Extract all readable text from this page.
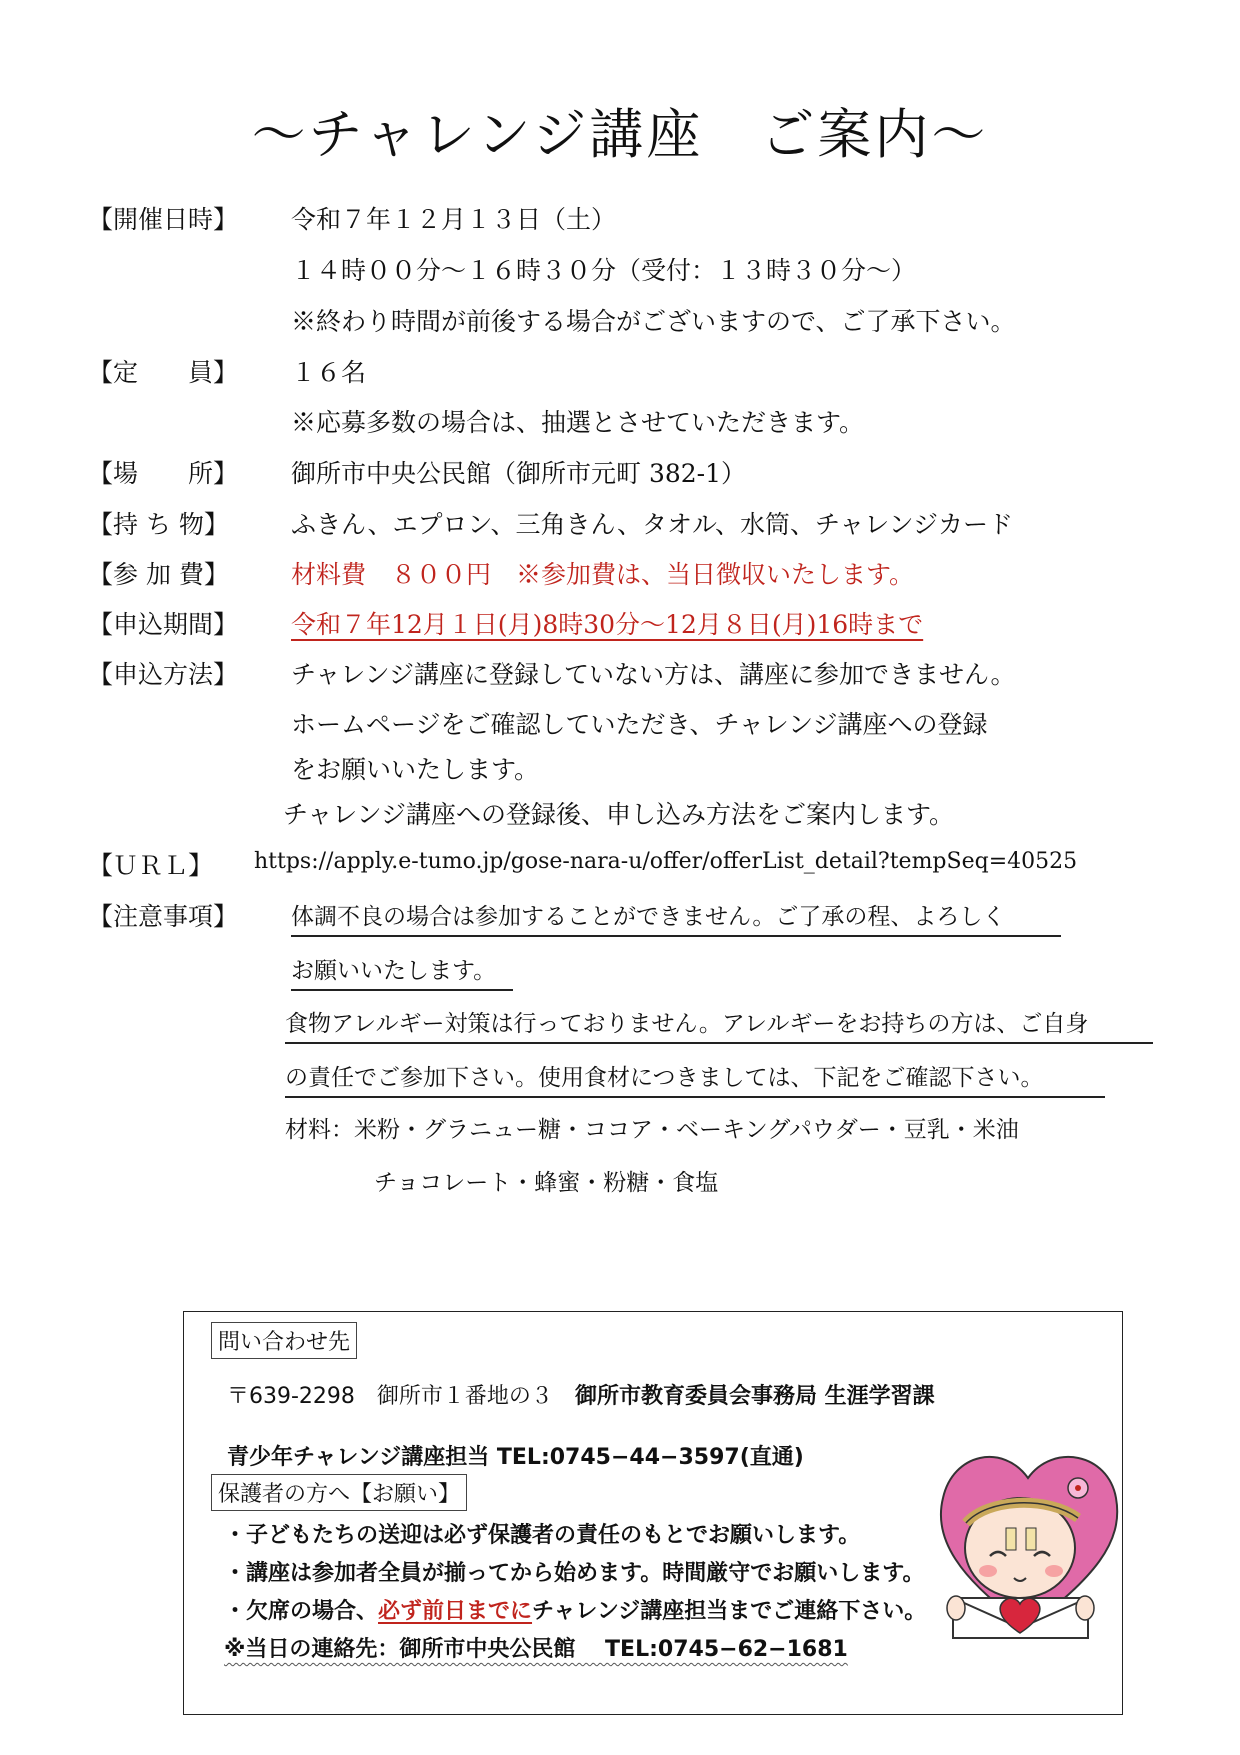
〜チャレンジ講座　ご案内〜
【開催日時】 令和７年１２月１３日（土）
１４時００分〜１６時３０分（受付：１３時３０分〜）
※終わり時間が前後する場合がございますので、ご了承下さい。
【定　　員】 １６名
※応募多数の場合は、抽選とさせていただきます。
【場　　所】 御所市中央公民館（御所市元町 382-1）
【持 ち 物】 ふきん、エプロン、三角きん、タオル、水筒、チャレンジカード
【参 加 費】 材料費　８００円　※参加費は、当日徴収いたします。
【申込期間】 令和７年12月１日(月)8時30分〜12月８日(月)16時まで
【申込方法】 チャレンジ講座に登録していない方は、講座に参加できません。
ホームページをご確認していただき、チャレンジ講座への登録
をお願いいたします。
チャレンジ講座への登録後、申し込み方法をご案内します。
【ＵＲＬ】 https://apply.e-tumo.jp/gose-nara-u/offer/offerList_detail?tempSeq=40525
【注意事項】 体調不良の場合は参加することができません。ご了承の程、よろしく
お願いいたします。
食物アレルギー対策は行っておりません。アレルギーをお持ちの方は、ご自身
の責任でご参加下さい。使用食材につきましては、下記をご確認下さい。
材料：米粉・グラニュー糖・ココア・ベーキングパウダー・豆乳・米油
チョコレート・蜂蜜・粉糖・食塩
問い合わせ先
〒639-2298　御所市１番地の３　 御所市教育委員会事務局 生涯学習課
青少年チャレンジ講座担当 TEL:0745−44−3597(直通)
保護者の方へ【お願い】
・子どもたちの送迎は必ず保護者の責任のもとでお願いします。
・講座は参加者全員が揃ってから始めます。時間厳守でお願いします。
・欠席の場合、必ず前日までにチャレンジ講座担当までご連絡下さい。
※当日の連絡先：御所市中央公民館　 TEL:0745−62−1681
